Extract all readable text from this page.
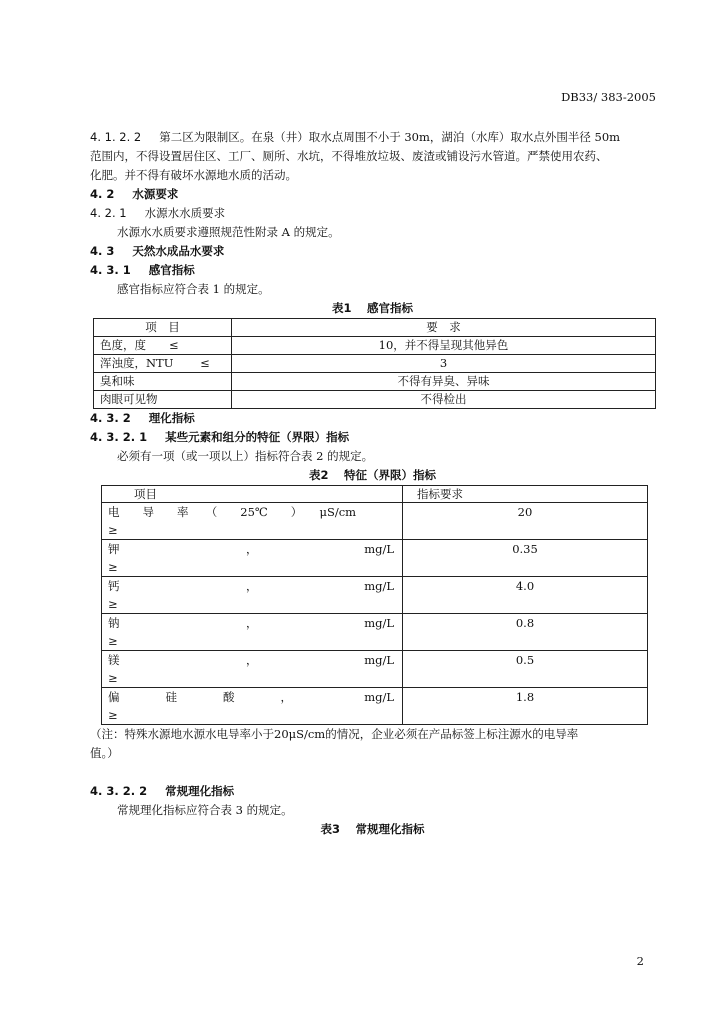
DB33/ 383-2005

4. 1. 2. 2 第二区为限制区。在泉（井）取水点周围不小于 30m，湖泊（水库）取水点外围半径 50m

范围内，不得设置居住区、工厂、厕所、水坑，不得堆放垃圾、废渣或铺设污水管道。严禁使用农药、

化肥。并不得有破坏水源地水质的活动。

4. 2 水源要求

4. 2. 1 水源水水质要求

水源水水质要求遵照规范性附录 A 的规定。

4. 3 天然水成品水要求

4. 3. 1 感官指标

感官指标应符合表 1 的规定。

表1　 感官指标

项　目	要　求
色度，度　　≤	10，并不得呈现其他异色
浑浊度，NTU　　 ≤	3
臭和味	不得有异臭、异味
肉眼可见物	不得检出

4. 3. 2 理化指标

4. 3. 2. 1 某些元素和组分的特征（界限）指标

必须有一项（或一项以上）指标符合表 2 的规定。

表2　 特征（界限）指标

项目	指标要求

电　　导　　率　　（　　25℃　　）　　μS/cm
≥	20

钾　　　　　　　　　　　， mg/L
≥	0.35

钙　　　　　　　　　　　， mg/L
≥	4.0

钠　　　　　　　　　　　， mg/L
≥	0.8

镁　　　　　　　　　　　， mg/L
≥	0.5

偏　　　　硅　　　　酸　　　　， mg/L
≥	1.8

（注：特殊水源地水源水电导率小于20μS/cm的情况，企业必须在产品标签上标注源水的电导率

值。）

4. 3. 2. 2 常规理化指标

常规理化指标应符合表 3 的规定。

表3　 常规理化指标

2
